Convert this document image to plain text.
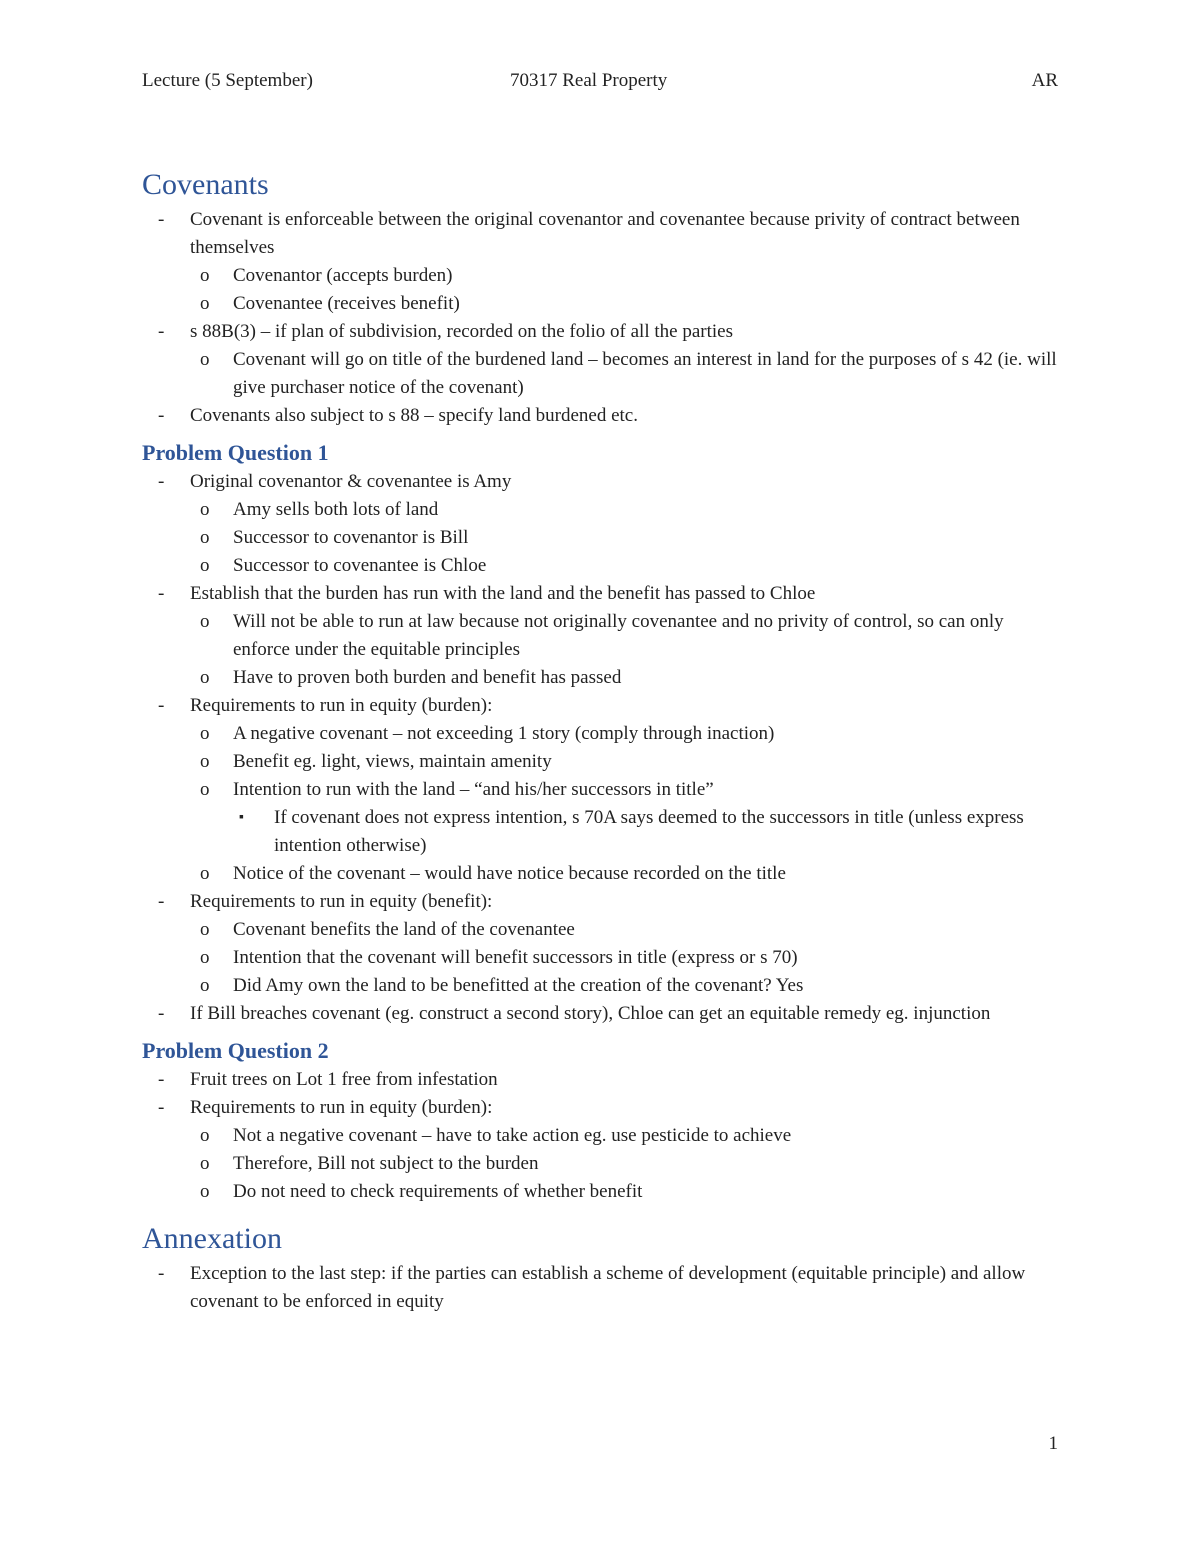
Lecture (5 September)	70317 Real Property	AR
Covenants
- Covenant is enforceable between the original covenantor and covenantee because privity of contract between themselves
o Covenantor (accepts burden)
o Covenantee (receives benefit)
- s 88B(3) – if plan of subdivision, recorded on the folio of all the parties
o Covenant will go on title of the burdened land – becomes an interest in land for the purposes of s 42 (ie. will give purchaser notice of the covenant)
- Covenants also subject to s 88 – specify land burdened etc.
Problem Question 1
- Original covenantor & covenantee is Amy
o Amy sells both lots of land
o Successor to covenantor is Bill
o Successor to covenantee is Chloe
- Establish that the burden has run with the land and the benefit has passed to Chloe
o Will not be able to run at law because not originally covenantee and no privity of control, so can only enforce under the equitable principles
o Have to proven both burden and benefit has passed
- Requirements to run in equity (burden):
o A negative covenant – not exceeding 1 story (comply through inaction)
o Benefit eg. light, views, maintain amenity
o Intention to run with the land – “and his/her successors in title”
▪ If covenant does not express intention, s 70A says deemed to the successors in title (unless express intention otherwise)
o Notice of the covenant – would have notice because recorded on the title
- Requirements to run in equity (benefit):
o Covenant benefits the land of the covenantee
o Intention that the covenant will benefit successors in title (express or s 70)
o Did Amy own the land to be benefitted at the creation of the covenant? Yes
- If Bill breaches covenant (eg. construct a second story), Chloe can get an equitable remedy eg. injunction
Problem Question 2
- Fruit trees on Lot 1 free from infestation
- Requirements to run in equity (burden):
o Not a negative covenant – have to take action eg. use pesticide to achieve
o Therefore, Bill not subject to the burden
o Do not need to check requirements of whether benefit
Annexation
- Exception to the last step: if the parties can establish a scheme of development (equitable principle) and allow covenant to be enforced in equity
1
